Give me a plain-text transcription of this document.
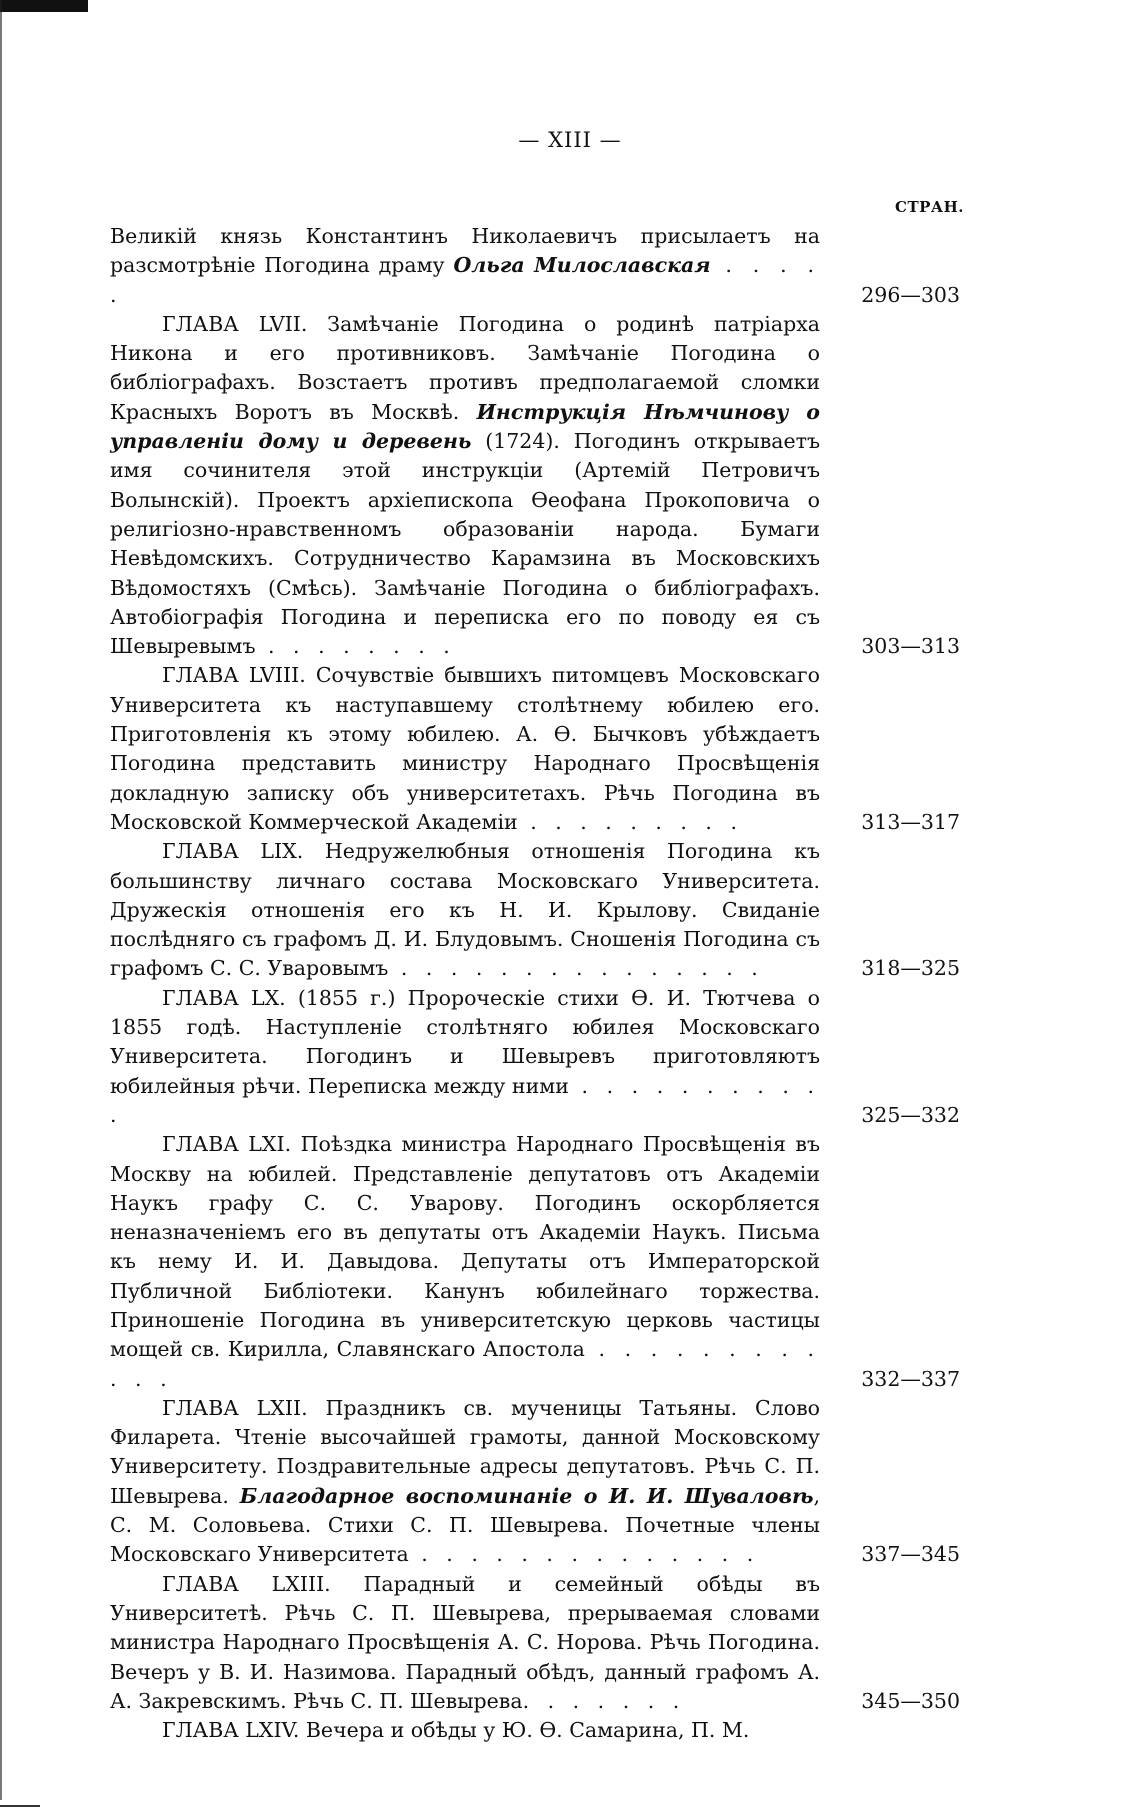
— XIII —
СТРАН.
Великій князь Константинъ Николаевичъ присылаетъ на разсмотрѣніе Погодина драму Ольга Милославская . . . . .	296—303
ГЛАВА LVII. Замѣчаніе Погодина о родинѣ патріарха Никона и его противниковъ. Замѣчаніе Погодина о библіографахъ. Возстаетъ противъ предполагаемой сломки Красныхъ Воротъ въ Москвѣ. Инструкція Нѣмчинову о управленіи дому и деревень (1724). Погодинъ открываетъ имя сочинителя этой инструкціи (Артемій Петровичъ Волынскій). Проектъ архіепископа Ѳеофана Прокоповича о религіозно-нравственномъ образованіи народа. Бумаги Невѣдомскихъ. Сотрудничество Карамзина въ Московскихъ Вѣдомостяхъ (Смѣсь). Замѣчаніе Погодина о библіографахъ. Автобіографія Погодина и переписка его по поводу ея съ Шевыревымъ . . . . . . . .	303—313
ГЛАВА LVIII. Сочувствіе бывшихъ питомцевъ Московскаго Университета къ наступавшему столѣтнему юбилею его. Приготовленія къ этому юбилею. А. Ѳ. Бычковъ убѣждаетъ Погодина представить министру Народнаго Просвѣщенія докладную записку объ университетахъ. Рѣчь Погодина въ Московской Коммерческой Академіи . . . . . . . . .	313—317
ГЛАВА LIX. Недружелюбныя отношенія Погодина къ большинству личнаго состава Московскаго Университета. Дружескія отношенія его къ Н. И. Крылову. Свиданіе послѣдняго съ графомъ Д. И. Блудовымъ. Сношенія Погодина съ графомъ С. С. Уваровымъ . . . . . . . . . . . . . . .	318—325
ГЛАВА LX. (1855 г.) Пророческіе стихи Ѳ. И. Тютчева о 1855 годѣ. Наступленіе столѣтняго юбилея Московскаго Университета. Погодинъ и Шевыревъ приготовляютъ юбилейныя рѣчи. Переписка между ними . . . . . . . . . . .	325—332
ГЛАВА LXI. Поѣздка министра Народнаго Просвѣщенія въ Москву на юбилей. Представленіе депутатовъ отъ Академіи Наукъ графу С. С. Уварову. Погодинъ оскорбляется неназначеніемъ его въ депутаты отъ Академіи Наукъ. Письма къ нему И. И. Давыдова. Депутаты отъ Императорской Публичной Библіотеки. Канунъ юбилейнаго торжества. Приношеніе Погодина въ университетскую церковь частицы мощей св. Кирилла, Славянскаго Апостола . . . . . . . . . . . .	332—337
ГЛАВА LXII. Праздникъ св. мученицы Татьяны. Слово Филарета. Чтеніе высочайшей грамоты, данной Московскому Университету. Поздравительные адресы депутатовъ. Рѣчь С. П. Шевырева. Благодарное воспоминаніе о И. И. Шуваловѣ, С. М. Соловьева. Стихи С. П. Шевырева. Почетные члены Московскаго Университета . . . . . . . . . . . . . .	337—345
ГЛАВА LXIII. Парадный и семейный обѣды въ Университетѣ. Рѣчь С. П. Шевырева, прерываемая словами министра Народнаго Просвѣщенія А. С. Норова. Рѣчь Погодина. Вечеръ у В. И. Назимова. Парадный обѣдъ, данный графомъ А. А. Закревскимъ. Рѣчь С. П. Шевырева. . . . . . .	345—350
ГЛАВА LXIV. Вечера и обѣды у Ю. Ѳ. Самарина, П. М.
